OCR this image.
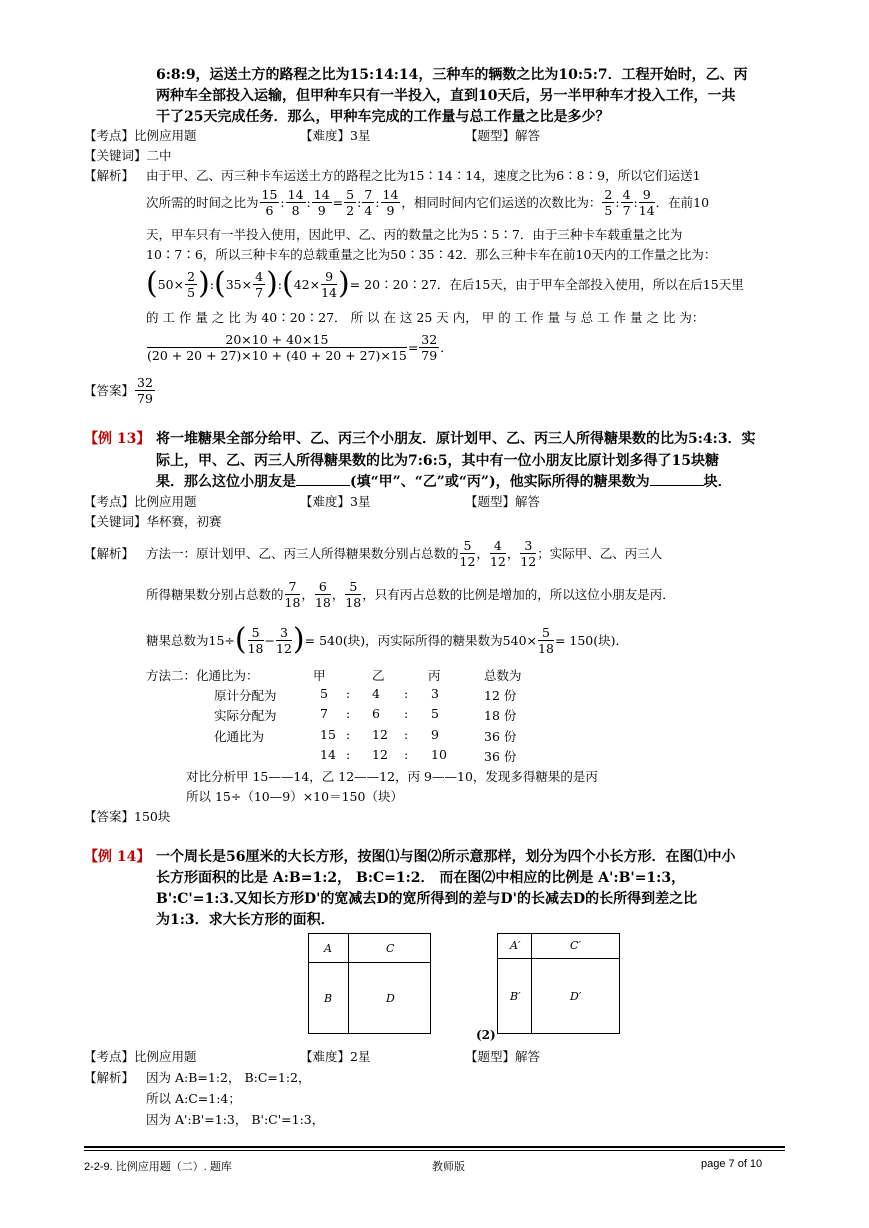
6:8:9，运送土方的路程之比为15:14:14，三种车的辆数之比为10:5:7．工程开始时，乙、丙
两种车全部投入运输，但甲种车只有一半投入，直到10天后，另一半甲种车才投入工作，一共
干了25天完成任务．那么，甲种车完成的工作量与总工作量之比是多少？
【考点】比例应用题	【难度】3星	【题型】解答
【关键词】二中
【解析】 由于甲、乙、丙三种卡车运送土方的路程之比为15∶14∶14，速度之比为6∶8∶9，所以它们运送1
次所需的时间之比为 $\frac{15}{6}$ : $\frac{14}{8}$ : $\frac{14}{9} = \frac{5}{2}$ : $\frac{7}{4}$ : $\frac{14}{9}$ ，相同时间内它们运送的次数比为： $\frac{2}{5}$ : $\frac{4}{7}$ : $\frac{9}{14}$ ．在前10
天，甲车只有一半投入使用，因此甲、乙、丙的数量之比为5∶5∶7．由于三种卡车载重量之比为
10∶7∶6，所以三种卡车的总载重量之比为50∶35∶42．那么三种卡车在前10天内的工作量之比为：
( $50\times \frac{2}{5}$ ) : ( $35\times \frac{4}{7}$ ) : ( $42\times \frac{9}{14}$ ) = 20∶20∶27．在后15天，由于甲车全部投入使用，所以在后15天里
的 工 作 量 之 比 为 40∶20∶27． 所 以 在 这 25 天 内， 甲 的 工 作 量 与 总 工 作 量 之 比 为：
$\frac{20\times 10 + 40\times 15}{(20 + 20 + 27)\times 10 + (40 + 20 + 27)\times 15} = \frac{32}{79}$ ．
【答案】 $\frac{32}{79}$
【例 13】 将一堆糖果全部分给甲、乙、丙三个小朋友．原计划甲、乙、丙三人所得糖果数的比为5:4:3．实
际上，甲、乙、丙三人所得糖果数的比为7:6:5，其中有一位小朋友比原计划多得了15块糖
果．那么这位小朋友是	(填“甲”、“乙”或“丙”)，他实际所得的糖果数为	块．
【考点】比例应用题	【难度】3星	【题型】解答
【关键词】华杯赛，初赛
【解析】 方法一：原计划甲、乙、丙三人所得糖果数分别占总数的 $\frac{5}{12}$ ， $\frac{4}{12}$ ， $\frac{3}{12}$ ；实际甲、乙、丙三人
所得糖果数分别占总数的 $\frac{7}{18}$ ， $\frac{6}{18}$ ， $\frac{5}{18}$ ，只有丙占总数的比例是增加的，所以这位小朋友是丙．
糖果总数为15÷ ( $\frac{5}{18} - \frac{3}{12}$ ) = 540(块)，丙实际所得的糖果数为$540\times \frac{5}{18} = 150$(块)．
方法二：化通比为：	甲	乙	丙	总数为
原计分配为	5 : 4 : 3	12 份
实际分配为	7 : 6 : 5	18 份
化通比为	15 : 12 : 9	36 份
14 : 12 : 10	36 份
对比分析甲 15——14，乙 12——12，丙 9——10，发现多得糖果的是丙
所以 15÷（10—9）×10＝150（块）
【答案】150块
【例 14】 一个周长是56厘米的大长方形，按图⑴与图⑵所示意那样，划分为四个小长方形．在图⑴中小
长方形面积的比是 A:B=1:2， B:C=1:2． 而在图⑵中相应的比例是 A':B'=1:3，
B':C'=1:3.又知长方形D'的宽减去D的宽所得到的差与D'的长减去D的长所得到差之比
为1:3．求大长方形的面积．
A	C
B	D
A′	C′
B′	D′
(2)
【考点】比例应用题	【难度】2星	【题型】解答
【解析】 因为 A:B=1:2， B:C=1:2，
所以 A:C=1:4；
因为 A':B'=1:3， B':C'=1:3，
2-2-9. 比例应用题（二）. 题库	教师版	page 7 of 10
